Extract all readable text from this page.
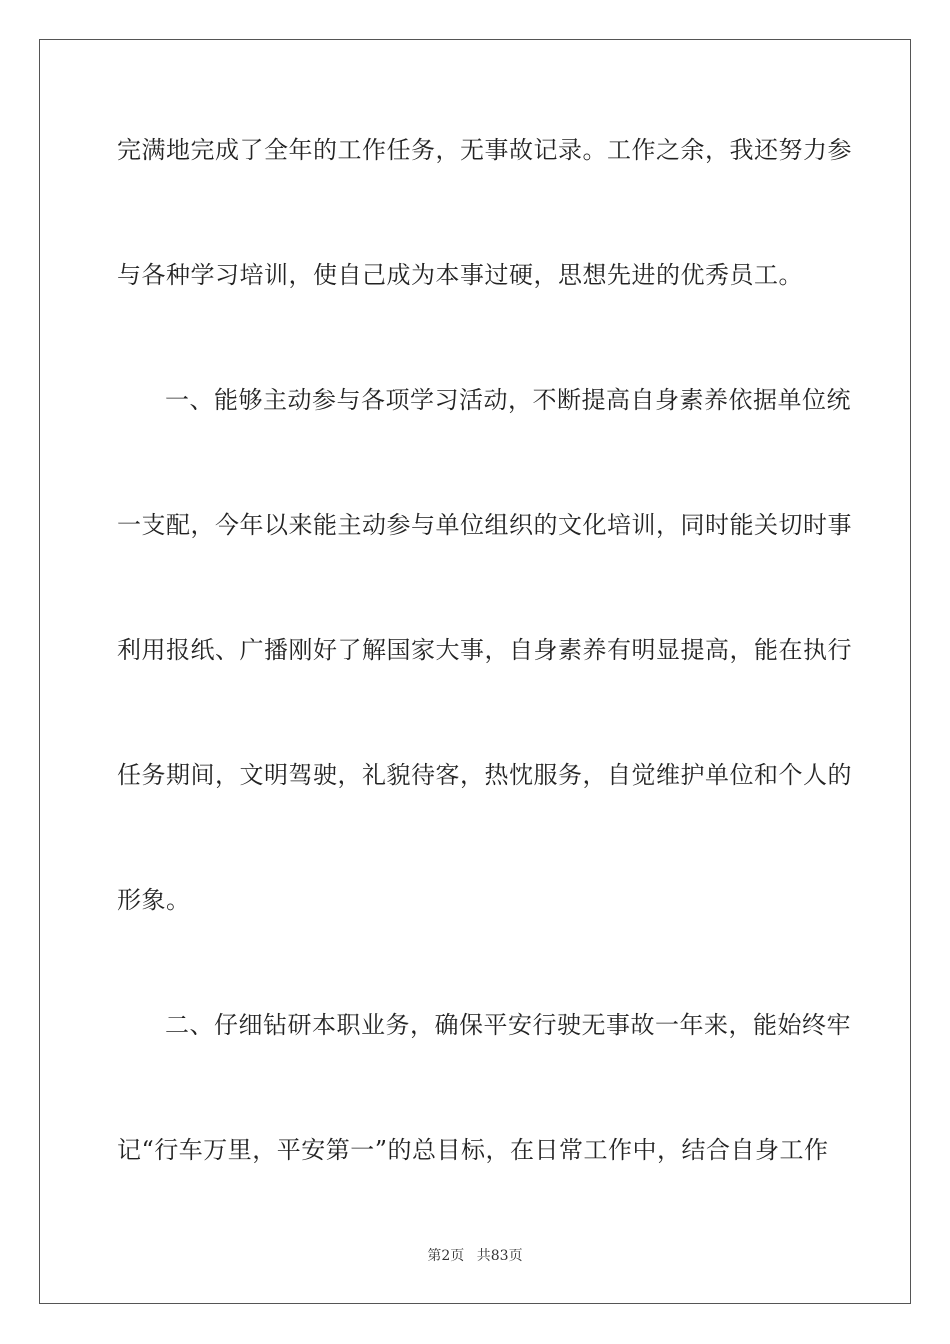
完满地完成了全年的工作任务，无事故记录。工作之余，我还努力参
与各种学习培训，使自己成为本事过硬，思想先进的优秀员工。
一、能够主动参与各项学习活动，不断提高自身素养依据单位统
一支配，今年以来能主动参与单位组织的文化培训，同时能关切时事
利用报纸、广播刚好了解国家大事，自身素养有明显提高，能在执行
任务期间，文明驾驶，礼貌待客，热忱服务，自觉维护单位和个人的
形象。
二、仔细钻研本职业务，确保平安行驶无事故一年来，能始终牢
记“行车万里，平安第一”的总目标，在日常工作中，结合自身工作
第2页 共83页
